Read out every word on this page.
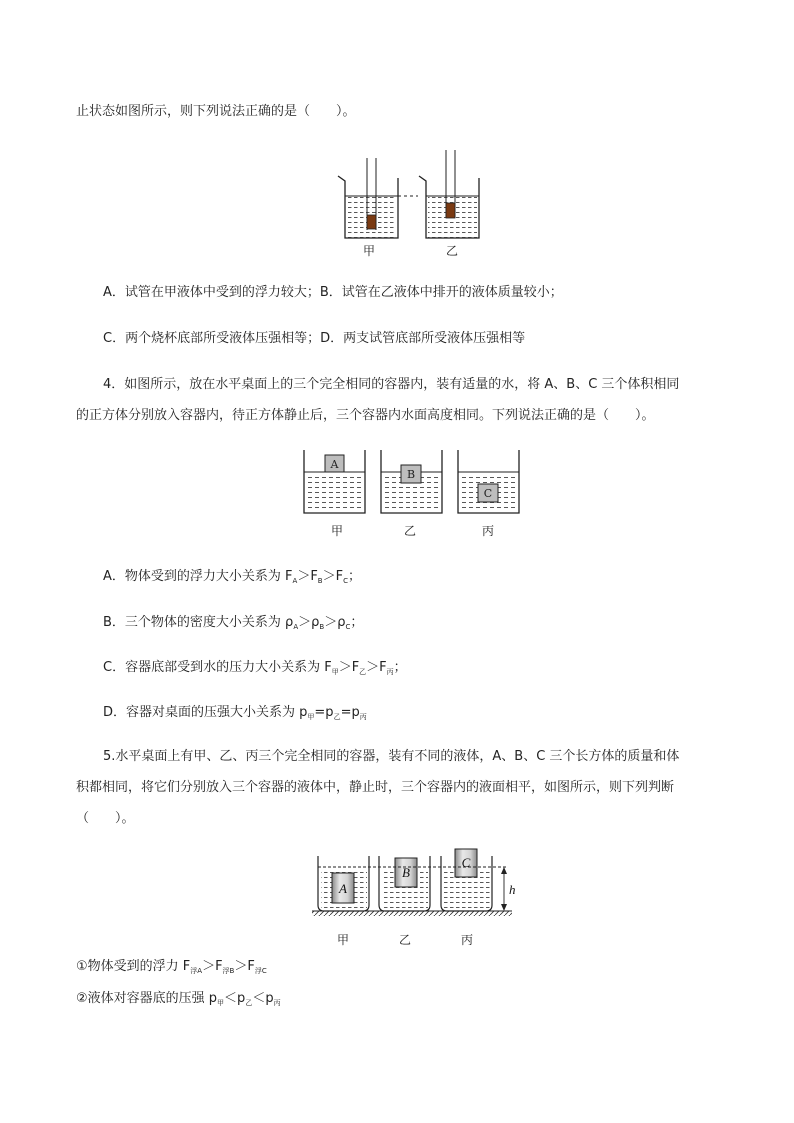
止状态如图所示，则下列说法正确的是（　　）。
甲	乙
A．试管在甲液体中受到的浮力较大；B．试管在乙液体中排开的液体质量较小；
C．两个烧杯底部所受液体压强相等；D．两支试管底部所受液体压强相等
4．如图所示，放在水平桌面上的三个完全相同的容器内，装有适量的水，将 A、B、C 三个体积相同
的正方体分别放入容器内，待正方体静止后，三个容器内水面高度相同。下列说法正确的是（　　）。
A
B
C
甲	乙	丙
A．物体受到的浮力大小关系为 $F_A>F_B>F_C$；
B．三个物体的密度大小关系为 $\rho_A>\rho_B>\rho_C$；
C．容器底部受到水的压力大小关系为 $F_甲>F_乙>F_丙$；
D．容器对桌面的压强大小关系为 $p_甲=p_乙=p_丙$
5.水平桌面上有甲、乙、丙三个完全相同的容器，装有不同的液体，A、B、C 三个长方体的质量和体
积都相同，将它们分别放入三个容器的液体中，静止时，三个容器内的液面相平，如图所示，则下列判断
（　　）。
A
B
C
h
甲	乙	丙
①物体受到的浮力 $F_{浮A}>F_{浮B}>F_{浮C}$
②液体对容器底的压强 $p_甲<p_乙<p_丙$
